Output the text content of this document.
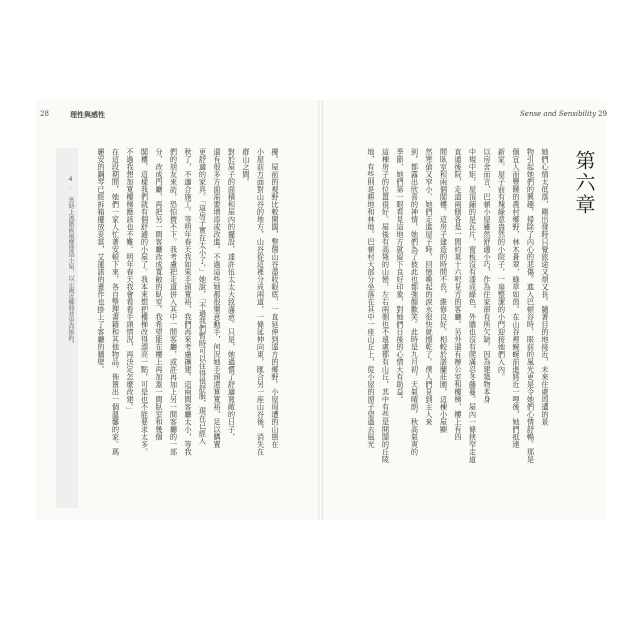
28	理性與感性	Sense and Sensibility 29
第六章
她們心情太低落，剛出發時只覺旅途又煩又長。隨著目的地接近，未來住處周遭的景
物引起她們的興趣，掃除了內心的悲傷。進入巴頓谷時，眼前的風光更是令她們心情舒暢。那是
個宜人而豐饒的農村鄉野，林木蒼翠，綠草如茵。在山谷裡蜿蜒前進將近一哩後，她們抵達
新家。屋子前有塊綠意盎然的小院子，一扇整潔的小門迎接她們入內。
以房舍而言，巴頓小屋雖然舒適小巧，作為住家卻有所欠缺。因為建築物本身
中規中矩，屋頂鋪的是瓦片，窗板沒有漆成綠色，外牆也沒有爬滿忍冬藤蔓。屋內一條狹窄走道
直通後院，走道兩側各是一間約莫十六呎見方的客廳。另外還有辦公室和樓梯，樓上有四
間臥室和兩個閣樓。這房子建造的時間不長，維修良好。相較於諾蘭莊園，這棟小屋顯
然寒傖又窄小。她們走進屋子時，回憶喚起的淚水很快就擦乾了。僕人們見到主人來
到，都露出欣喜的神情，她們為了彼此也都強顏歡笑。此時是九月初，天氣晴朗，秋高氣爽的
季節，她們第一眼看見這地方就留下良好印象，對她們日後的心情大有助益。
這棟房子的位置很好。屋後有高聳的山巒，左右兩側也不遠處都有山丘，其中有些是開闊的丘陵
地，有些則是耕地和林地。巴頓村大部分坐落在其中一座山丘上，從小屋的窗子望過去風光
4. 當時上流階級風靡建造小屋，以示親近鄉間並崇尚節約。	擾。屋前的視野比較開闊，整個山谷盡收眼底，一直延伸到遠方的鄉野。小屋周遭的山巒在
小屋前方面對山谷的地方，山谷從這裡分成兩道，一條延伸向東，匯合另一座山谷後，消失在
群山之間。
對於屋子的面積和屋內的擺設，達許伍太太大致滿意。只是，她過慣了舒適寬敞的日子，
還有很多方面需要增添或改進。不過這些她都很樂意動手，何況她手頭還算寬裕，足以購置
更舒適的家具。「這房子實在太小了，」她說，「不過我們暫時可以住得很舒服，現在已經入
秋了，不適合施工。等明年春天我如果手頭寬裕，我們再來考慮擴建。這兩間客廳太小，等我
們的朋友來訪，恐怕擠不下。我考慮把走道併入其中一間客廳，或許再加上另一間客廳的一部
分，改成門廳，再把另一間客廳改成寬敞的臥室。我希望能在樓上再加蓋一間臥室和幾個
閣樓，這樣我們就有個舒適的小屋了。我本來想把樓梯改得漂亮一點，可是也不能要求太多。
不過我想加寬樓梯應該也不難。明年春天我會看看手頭情況，再決定怎麼改建。」
在這段期間，她們一家人忙著安頓下來，各自整理書籍和其他物品，佈置出一個溫馨的家。瑪
麗安的鋼琴已經拆箱擺放妥當，艾蓮諾的畫作也掛上了客廳的牆壁。
